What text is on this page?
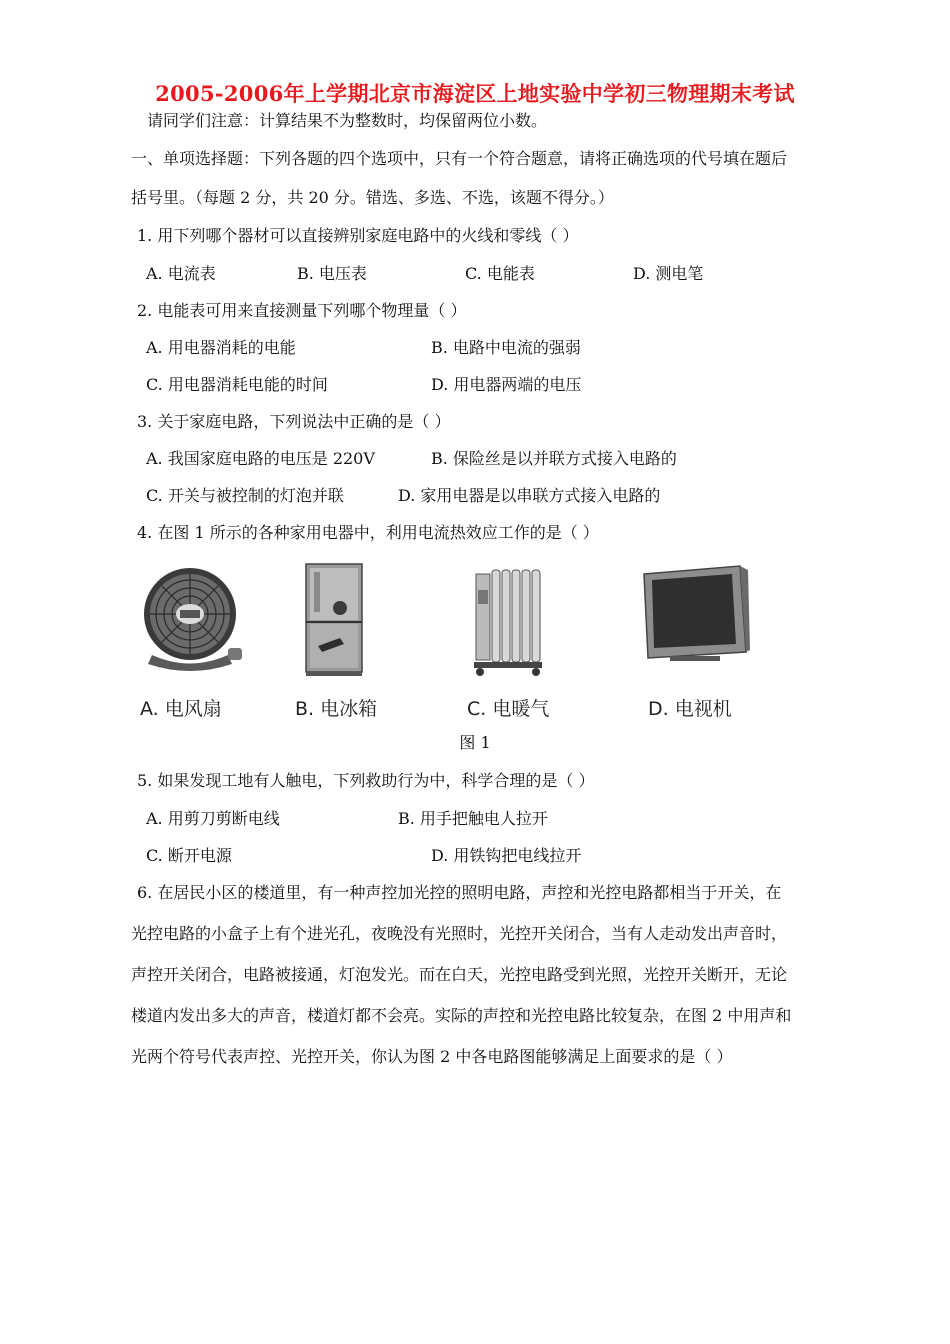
2005-2006年上学期北京市海淀区上地实验中学初三物理期末考试
请同学们注意：计算结果不为整数时，均保留两位小数。
一、单项选择题：下列各题的四个选项中，只有一个符合题意，请将正确选项的代号填在题后
括号里。（每题 2 分，共 20 分。错选、多选、不选，该题不得分。）
1. 用下列哪个器材可以直接辨别家庭电路中的火线和零线（ ）
A. 电流表	B. 电压表	C. 电能表	D. 测电笔
2. 电能表可用来直接测量下列哪个物理量（ ）
A. 用电器消耗的电能	B. 电路中电流的强弱
C. 用电器消耗电能的时间	D. 用电器两端的电压
3. 关于家庭电路，下列说法中正确的是（ ）
A. 我国家庭电路的电压是 220V	B. 保险丝是以并联方式接入电路的
C. 开关与被控制的灯泡并联	D. 家用电器是以串联方式接入电路的
4. 在图 1 所示的各种家用电器中，利用电流热效应工作的是（ ）
A. 电风扇	B. 电冰箱	C. 电暖气	D. 电视机
图 1
5. 如果发现工地有人触电，下列救助行为中，科学合理的是（ ）
A. 用剪刀剪断电线	B. 用手把触电人拉开
C. 断开电源	D. 用铁钩把电线拉开
6. 在居民小区的楼道里，有一种声控加光控的照明电路，声控和光控电路都相当于开关，在
光控电路的小盒子上有个进光孔，夜晚没有光照时，光控开关闭合，当有人走动发出声音时，
声控开关闭合，电路被接通，灯泡发光。而在白天，光控电路受到光照，光控开关断开，无论
楼道内发出多大的声音，楼道灯都不会亮。实际的声控和光控电路比较复杂，在图 2 中用声和
光两个符号代表声控、光控开关，你认为图 2 中各电路图能够满足上面要求的是（ ）
